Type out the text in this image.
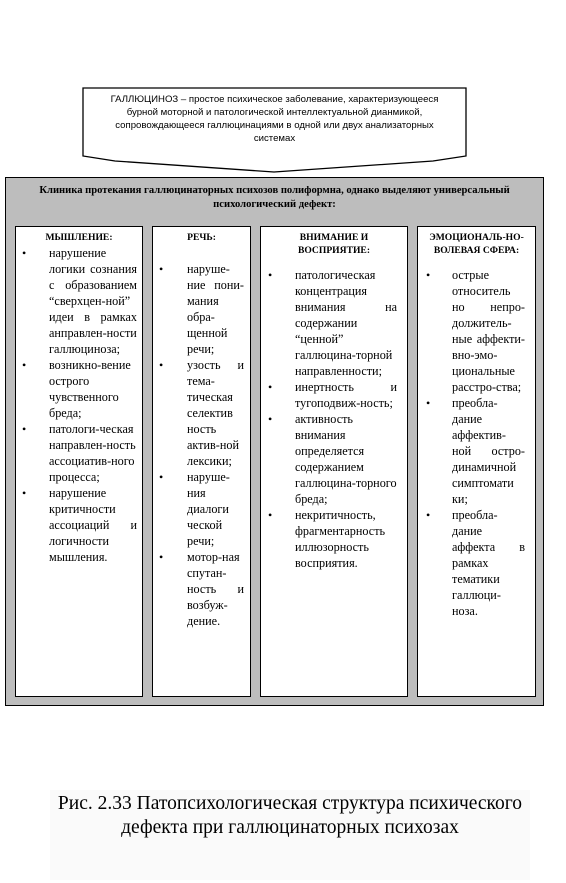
ГАЛЛЮЦИНОЗ – простое психическое заболевание, характеризующееся бурной моторной и патологической интеллектуальной дианмикой, сопровождающееся галлюцинациями в одной или двух анализаторных системах
Клиника протекания галлюцинаторных психозов полиформна, однако выделяют универсальный психологический дефект:
МЫШЛЕНИЕ:
• нарушение логики сознания с образованием “сверхцен-ной” идеи в рамках анправлен-ности галлюциноза;
• возникно-вение острого чувственного бреда;
• патологи-ческая направлен-ность ассоциатив-ного процесса;
• нарушение критичности ассоциаций и логичности мышления.
РЕЧЬ:
• наруше-ние пони-мания обра-щенной речи;
• узость и тема-тическая селектив ность актив-ной лексики;
• наруше-ния диалоги ческой речи;
• мотор-ная спутан-ность и возбуж-дение.
ВНИМАНИЕ И ВОСПРИЯТИЕ:
• патологическая концентрация внимания на содержании “ценной” галлюцина-торной направленности;
• инертность и тугоподвиж-ность;
• активность внимания определяется содержанием галлюцина-торного бреда;
• некритичность, фрагментарность иллюзорность восприятия.
ЭМОЦИОНАЛЬ-НО-ВОЛЕВАЯ СФЕРА:
• острые относитель но непро-должитель-ные аффекти-вно-эмо-циональные расстро-ства;
• преобла-дание аффектив-ной остро-динамичной симптомати ки;
• преобла-дание аффекта в рамках тематики галлюци-ноза.
Рис. 2.33 Патопсихологическая структура психического дефекта при галлюцинаторных психозах
